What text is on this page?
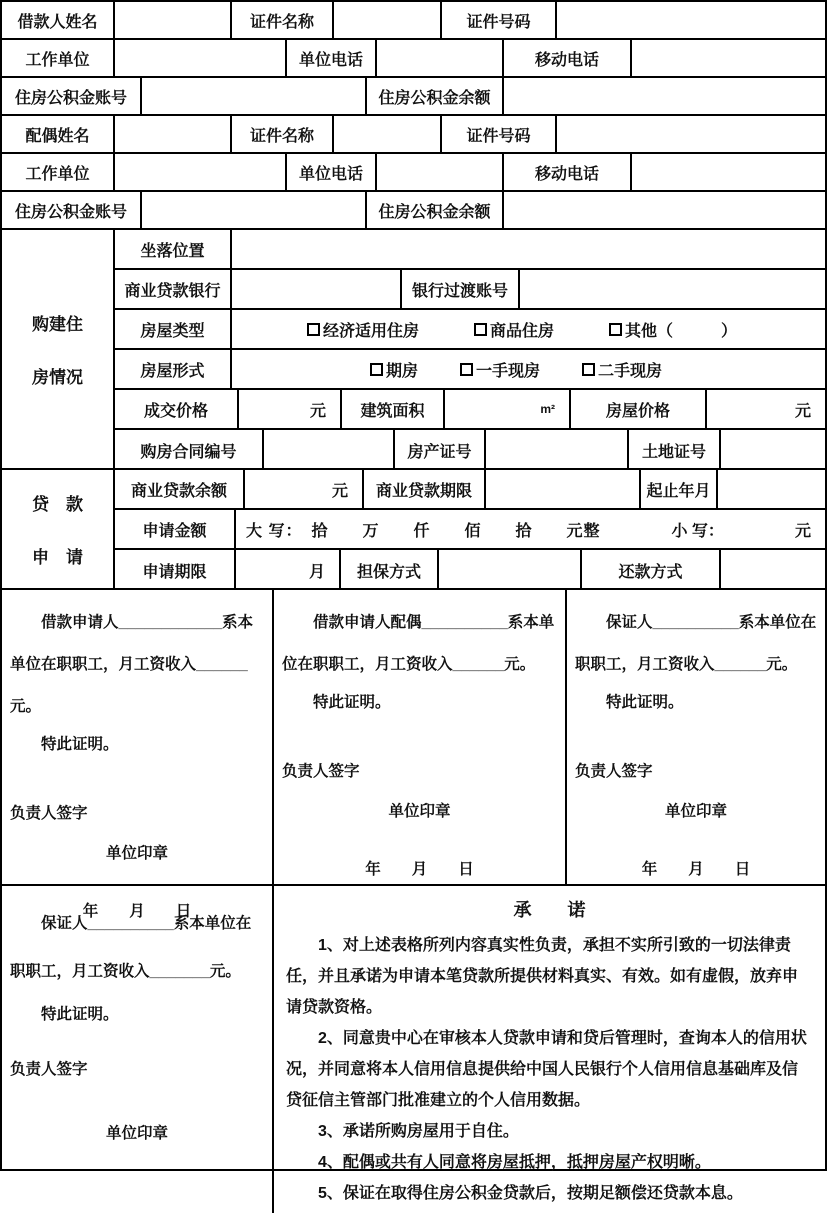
借款人姓名	证件名称	证件号码
工作单位	单位电话	移动电话
住房公积金账号	住房公积金余额
配偶姓名	证件名称	证件号码
工作单位	单位电话	移动电话
住房公积金账号	住房公积金余额
购建住
房情况
坐落位置
商业贷款银行	银行过渡账号
房屋类型	经济适用住房	商品住房	其他（　　　）
房屋形式	期房	一手现房	二手现房
成交价格	元	建筑面积	m²	房屋价格	元
购房合同编号	房产证号	土地证号
贷　款
申　请
商业贷款余额	元	商业贷款期限	起止年月
申请金额	大 写：　拾　　万　　仟　　佰　　拾　　元整	小 写：	元
申请期限	月	担保方式	还款方式
借款申请人____________系本单位在职职工，月工资收入______元。
特此证明。
负责人签字
单位印章
年　　月　　日
借款申请人配偶__________系本单位在职职工，月工资收入______元。
特此证明。
负责人签字
单位印章
年　　月　　日
保证人__________系本单位在职职工，月工资收入______元。
特此证明。
负责人签字
单位印章
年　　月　　日
保证人__________系本单位在职职工，月工资收入_______元。
特此证明。
负责人签字
单位印章
承　　诺

1、对上述表格所列内容真实性负责，承担不实所引致的一切法律责任，并且承诺为申请本笔贷款所提供材料真实、有效。如有虚假，放弃申请贷款资格。

2、同意贵中心在审核本人贷款申请和贷后管理时，查询本人的信用状况，并同意将本人信用信息提供给中国人民银行个人信用信息基础库及信贷征信主管部门批准建立的个人信用数据。

3、承诺所购房屋用于自住。

4、配偶或共有人同意将房屋抵押，抵押房屋产权明晰。

5、保证在取得住房公积金贷款后，按期足额偿还贷款本息。
